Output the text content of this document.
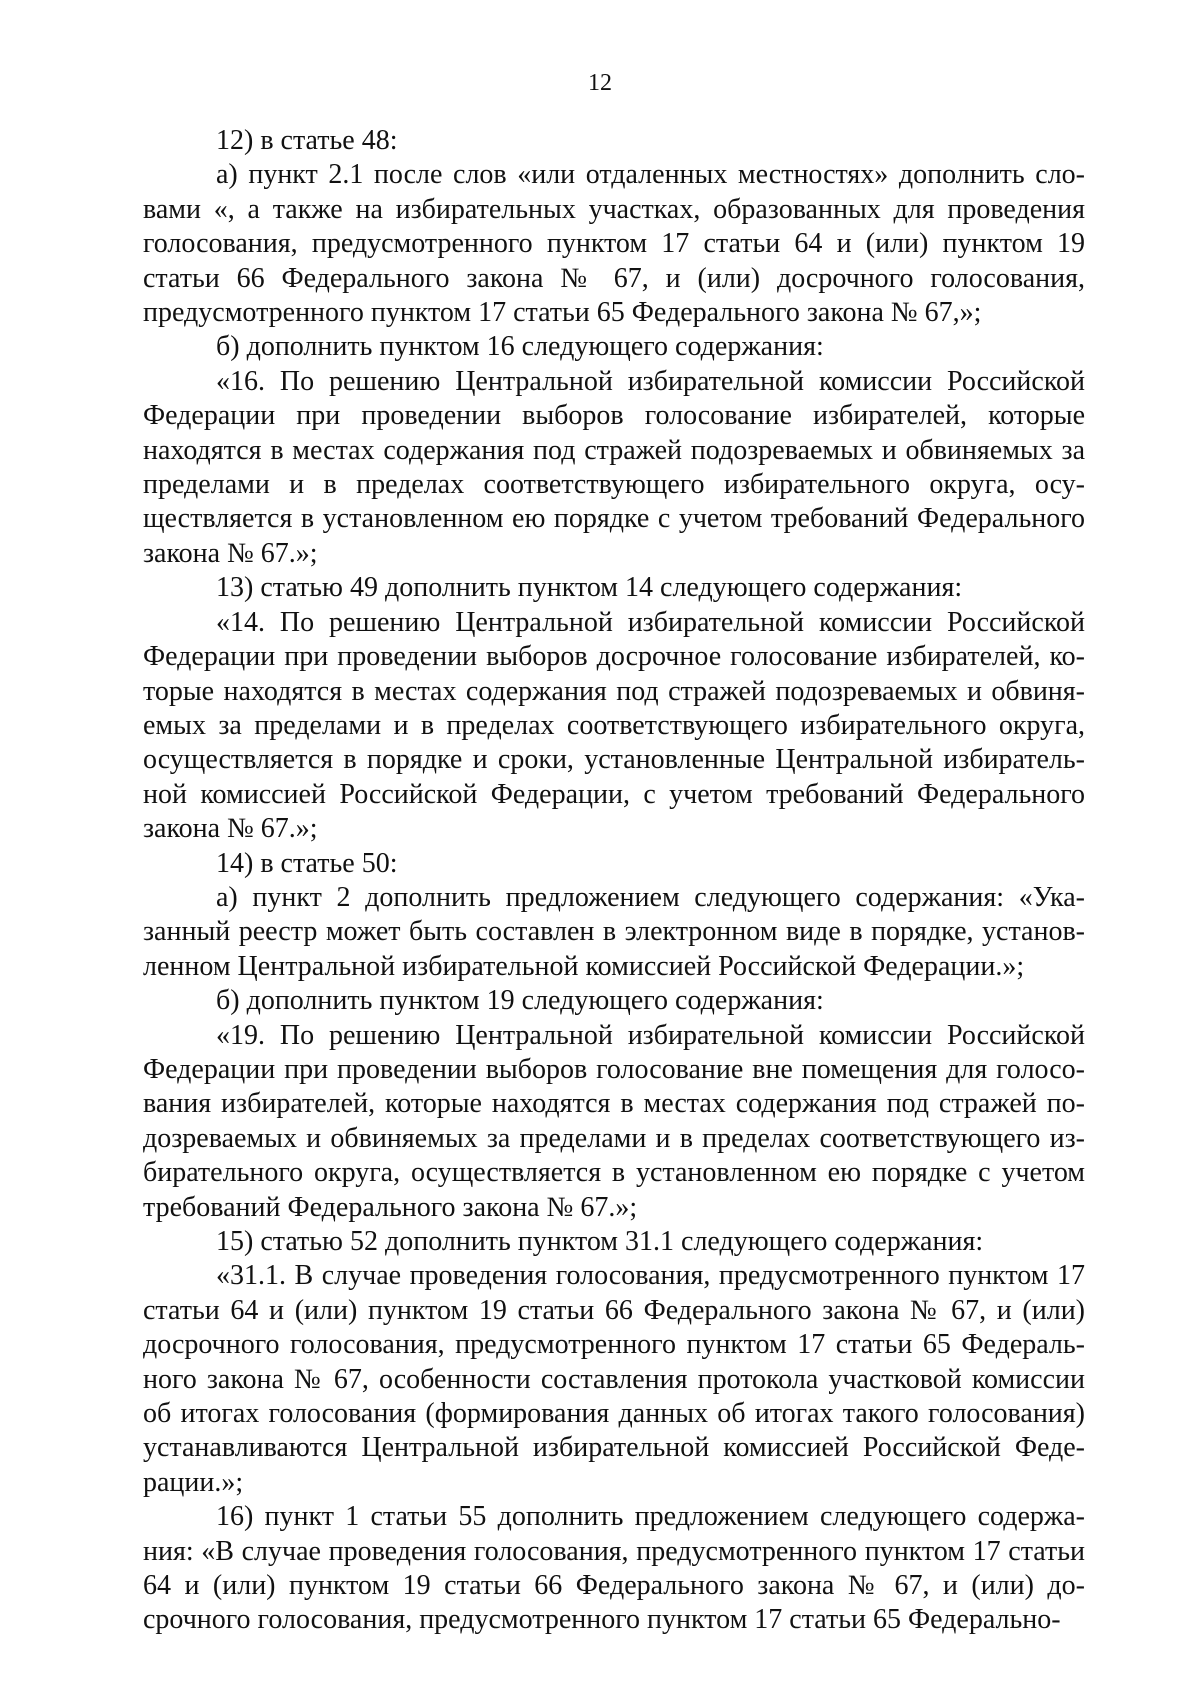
12

12) в статье 48:

а) пункт 2.1 после слов «или отдаленных местностях» дополнить словами «, а также на избирательных участках, образованных для проведения голосования, предусмотренного пунктом 17 статьи 64 и (или) пунктом 19 статьи 66 Федерального закона № 67, и (или) досрочного голосования, предусмотренного пунктом 17 статьи 65 Федерального закона № 67,»;

б) дополнить пунктом 16 следующего содержания:

«16. По решению Центральной избирательной комиссии Российской Федерации при проведении выборов голосование избирателей, которые находятся в местах содержания под стражей подозреваемых и обвиняемых за пределами и в пределах соответствующего избирательного округа, осуществляется в установленном ею порядке с учетом требований Федерального закона № 67.»;

13) статью 49 дополнить пунктом 14 следующего содержания:

«14. По решению Центральной избирательной комиссии Российской Федерации при проведении выборов досрочное голосование избирателей, которые находятся в местах содержания под стражей подозреваемых и обвиняемых за пределами и в пределах соответствующего избирательного округа, осуществляется в порядке и сроки, установленные Центральной избирательной комиссией Российской Федерации, с учетом требований Федерального закона № 67.»;

14) в статье 50:

а) пункт 2 дополнить предложением следующего содержания: «Указанный реестр может быть составлен в электронном виде в порядке, установленном Центральной избирательной комиссией Российской Федерации.»;

б) дополнить пунктом 19 следующего содержания:

«19. По решению Центральной избирательной комиссии Российской Федерации при проведении выборов голосование вне помещения для голосования избирателей, которые находятся в местах содержания под стражей подозреваемых и обвиняемых за пределами и в пределах соответствующего избирательного округа, осуществляется в установленном ею порядке с учетом требований Федерального закона № 67.»;

15) статью 52 дополнить пунктом 31.1 следующего содержания:

«31.1. В случае проведения голосования, предусмотренного пунктом 17 статьи 64 и (или) пунктом 19 статьи 66 Федерального закона № 67, и (или) досрочного голосования, предусмотренного пунктом 17 статьи 65 Федерального закона № 67, особенности составления протокола участковой комиссии об итогах голосования (формирования данных об итогах такого голосования) устанавливаются Центральной избирательной комиссией Российской Федерации.»;

16) пункт 1 статьи 55 дополнить предложением следующего содержания: «В случае проведения голосования, предусмотренного пунктом 17 статьи 64 и (или) пунктом 19 статьи 66 Федерального закона № 67, и (или) досрочного голосования, предусмотренного пунктом 17 статьи 65 Федерально-
